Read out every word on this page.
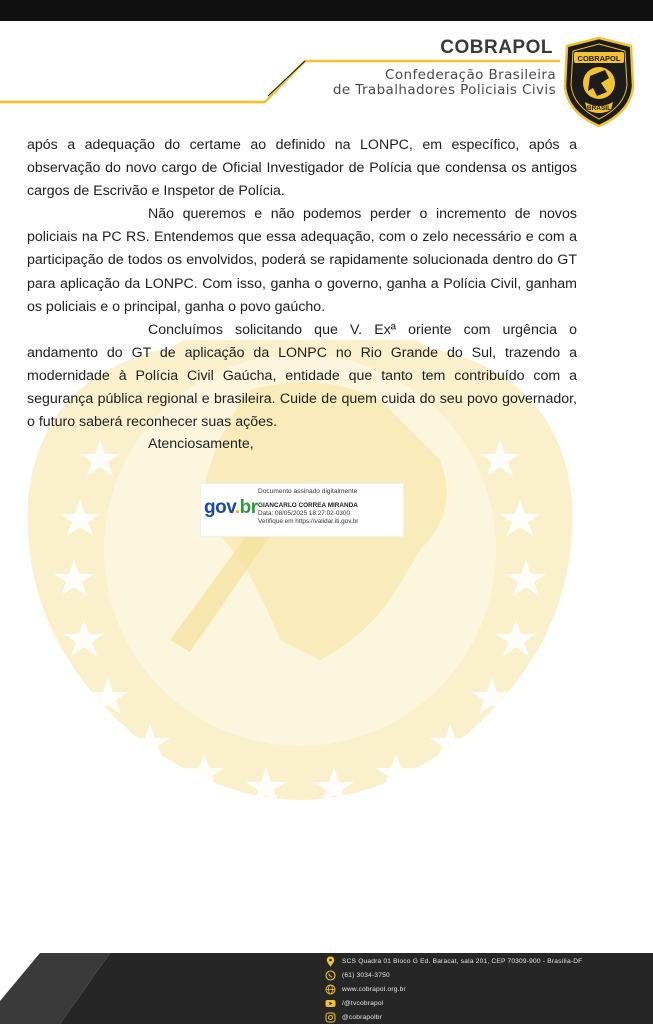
COBRAPOL
Confederação Brasileira
de Trabalhadores Policiais Civis
COBRAPOL
BRASIL

após a adequação do certame ao definido na LONPC, em específico, após a observação do novo cargo de Oficial Investigador de Polícia que condensa os antigos cargos de Escrivão e Inspetor de Polícia.

Não queremos e não podemos perder o incremento de novos policiais na PC RS. Entendemos que essa adequação, com o zelo necessário e com a participação de todos os envolvidos, poderá se rapidamente solucionada dentro do GT para aplicação da LONPC. Com isso, ganha o governo, ganha a Polícia Civil, ganham os policiais e o principal, ganha o povo gaúcho.

Concluímos solicitando que V. Exª oriente com urgência o andamento do GT de aplicação da LONPC no Rio Grande do Sul, trazendo a modernidade à Polícia Civil Gaúcha, entidade que tanto tem contribuído com a segurança pública regional e brasileira. Cuide de quem cuida do seu povo governador, o futuro saberá reconhecer suas ações.

Atenciosamente,
gov.br
Documento assinado digitalmente
GIANCARLO CORREA MIRANDA
Data: 08/05/2025 18:27:02-0300
Verifique em https://validar.iti.gov.br
SCS Quadra 01 Bloco G Ed. Baracat, sala 201, CEP 70309-900 - Brasília-DF
(61) 3034-3750
www.cobrapol.org.br
/@tvcobrapol
@cobrapolbr
